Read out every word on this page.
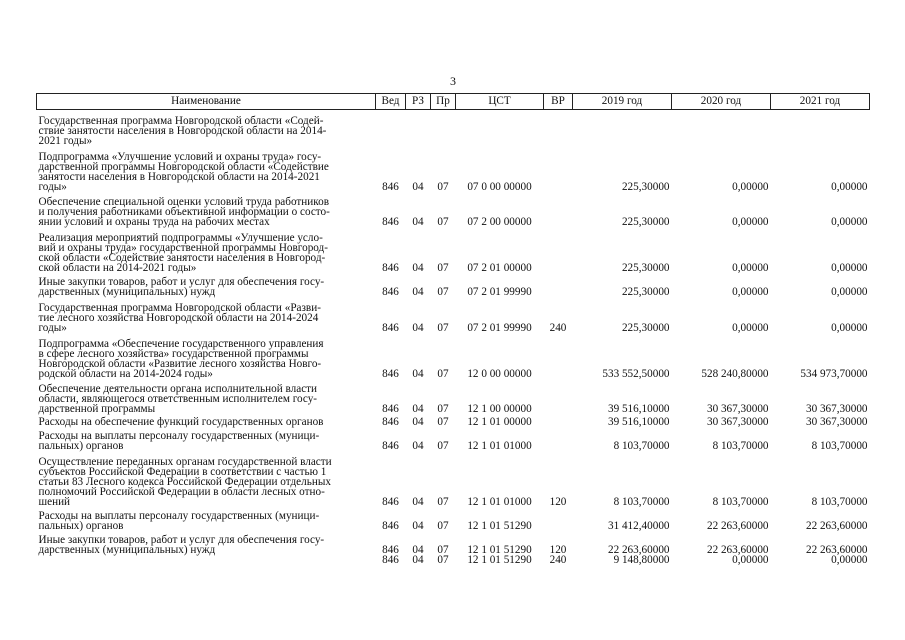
3
Наименование	Вед	РЗ	Пр	ЦСТ	ВР	2019 год	2020 год	2021 год
Государственная программа Новгородской области «Содей-
ствие занятости населения в Новгородской области на 2014-
2021 годы»								
Подпрограмма «Улучшение условий и охраны труда» госу-
дарственной программы Новгородской области «Содействие
занятости населения в Новгородской области на 2014-2021
годы»	846	04	07	07 0 00 00000		225,30000	0,00000	0,00000
Обеспечение специальной оценки условий труда работников
и получения работниками объективной информации о состо-
янии условий и охраны труда на рабочих местах	846	04	07	07 2 00 00000		225,30000	0,00000	0,00000
Реализация мероприятий подпрограммы «Улучшение усло-
вий и охраны труда» государственной программы Новгород-
ской области «Содействие занятости населения в Новгород-
ской области на 2014-2021 годы»	846	04	07	07 2 01 00000		225,30000	0,00000	0,00000
Иные закупки товаров, работ и услуг для обеспечения госу-
дарственных (муниципальных) нужд	846	04	07	07 2 01 99990		225,30000	0,00000	0,00000
Государственная программа Новгородской области «Разви-
тие лесного хозяйства Новгородской области на 2014-2024
годы»	846	04	07	07 2 01 99990	240	225,30000	0,00000	0,00000
Подпрограмма «Обеспечение государственного управления
в сфере лесного хозяйства» государственной программы
Новгородской области «Развитие лесного хозяйства Новго-
родской области на 2014-2024 годы»	846	04	07	12 0 00 00000		533 552,50000	528 240,80000	534 973,70000
Обеспечение деятельности органа исполнительной власти
области, являющегося ответственным исполнителем госу-
дарственной программы	846	04	07	12 1 00 00000		39 516,10000	30 367,30000	30 367,30000
Расходы на обеспечение функций государственных органов	846	04	07	12 1 01 00000		39 516,10000	30 367,30000	30 367,30000
Расходы на выплаты персоналу государственных (муници-
пальных) органов	846	04	07	12 1 01 01000		8 103,70000	8 103,70000	8 103,70000
Осуществление переданных органам государственной власти
субъектов Российской Федерации в соответствии с частью 1
статьи 83 Лесного кодекса Российской Федерации отдельных
полномочий Российской Федерации в области лесных отно-
шений	846	04	07	12 1 01 01000	120	8 103,70000	8 103,70000	8 103,70000
Расходы на выплаты персоналу государственных (муници-
пальных) органов	846	04	07	12 1 01 51290		31 412,40000	22 263,60000	22 263,60000
Иные закупки товаров, работ и услуг для обеспечения госу-
дарственных (муниципальных) нужд	846	04	07	12 1 01 51290	120	22 263,60000	22 263,60000	22 263,60000
	846	04	07	12 1 01 51290	240	9 148,80000	0,00000	0,00000
